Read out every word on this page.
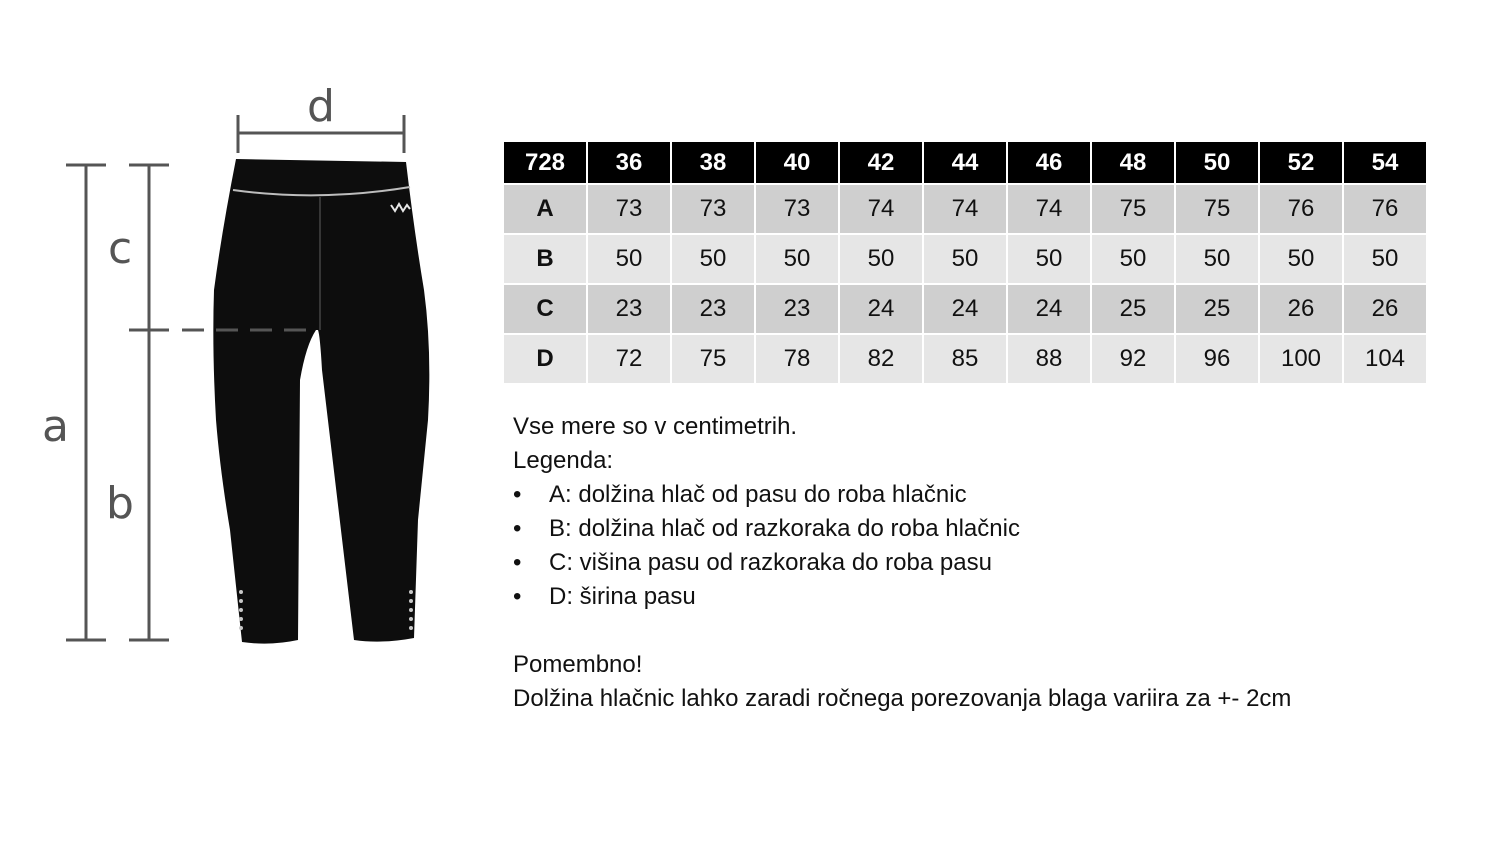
a
b
c
d
728	36	38	40	42	44	46	48	50	52	54
A	73	73	73	74	74	74	75	75	76	76
B	50	50	50	50	50	50	50	50	50	50
C	23	23	23	24	24	24	25	25	26	26
D	72	75	78	82	85	88	92	96	100	104

Vse mere so v centimetrih.

Legenda:

• A: dolžina hlač od pasu do roba hlačnic
• B: dolžina hlač od razkoraka do roba hlačnic
• C: višina pasu od razkoraka do roba pasu
• D: širina pasu

Pomembno!

Dolžina hlačnic lahko zaradi ročnega porezovanja blaga variira za +- 2cm
